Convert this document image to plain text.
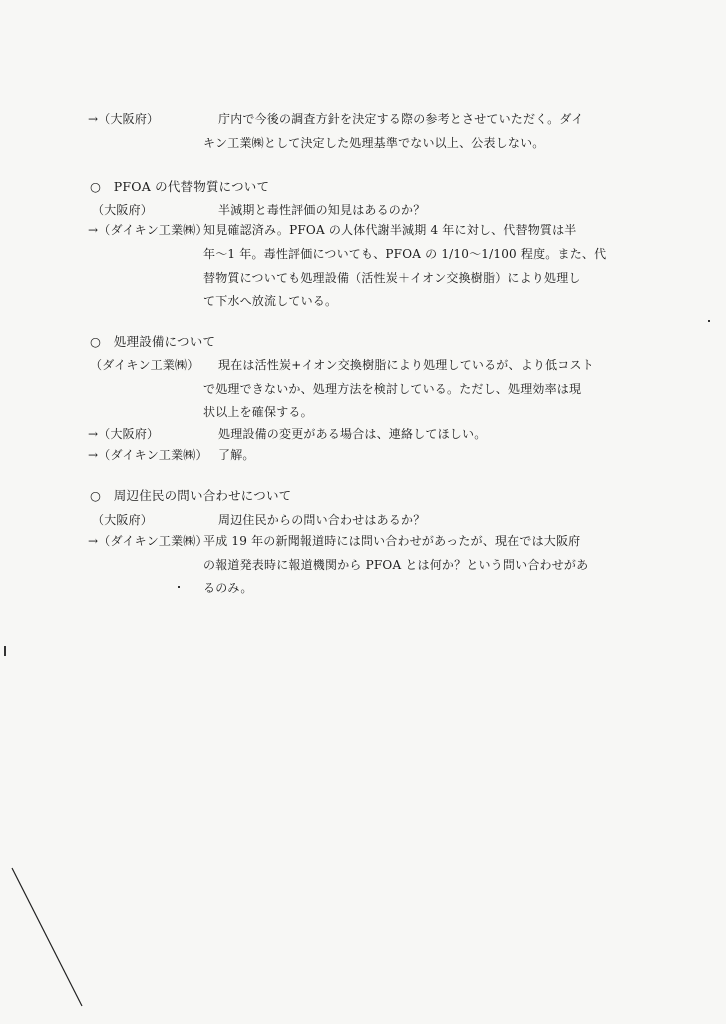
→（大阪府）	庁内で今後の調査方針を決定する際の参考とさせていただく。ダイ
キン工業㈱として決定した処理基準でない以上、公表しない。
○　PFOA の代替物質について
（大阪府）	半減期と毒性評価の知見はあるのか？
→（ダイキン工業㈱）
知見確認済み。PFOA の人体代謝半減期 4 年に対し、代替物質は半
年～1 年。毒性評価についても、PFOA の 1/10～1/100 程度。また、代
替物質についても処理設備（活性炭＋イオン交換樹脂）により処理し
て下水へ放流している。
○　処理設備について
（ダイキン工業㈱） 現在は活性炭+イオン交換樹脂により処理しているが、より低コスト
で処理できないか、処理方法を検討している。ただし、処理効率は現
状以上を確保する。
→（大阪府）	処理設備の変更がある場合は、連絡してほしい。
→（ダイキン工業㈱） 了解。
○　周辺住民の問い合わせについて
（大阪府）	周辺住民からの問い合わせはあるか？
→（ダイキン工業㈱）
平成 19 年の新聞報道時には問い合わせがあったが、現在では大阪府
の報道発表時に報道機関から PFOA とは何か？という問い合わせがあ
るのみ。
